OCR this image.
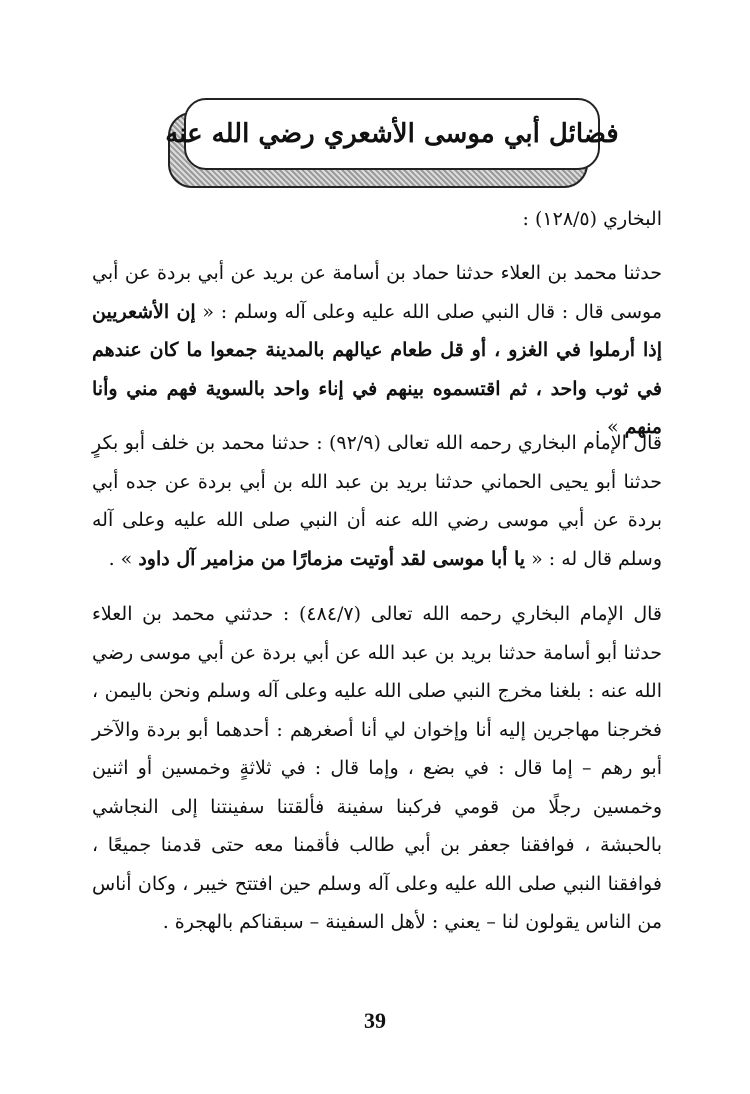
فضائل أبي موسى الأشعري رضي الله عنه
البخاري (١٢٨/٥) :
حدثنا محمد بن العلاء حدثنا حماد بن أسامة عن بريد عن أبي بردة عن أبي موسى قال : قال النبي صلى الله عليه وعلى آله وسلم : « إن الأشعريين إذا أرملوا في الغزو ، أو قل طعام عيالهم بالمدينة جمعوا ما كان عندهم في ثوب واحد ، ثم اقتسموه بينهم في إناء واحد بالسوية فهم مني وأنا منهم » .
قال الإمام البخاري رحمه الله تعالى (٩٢/٩) : حدثنا محمد بن خلف أبو بكرٍ حدثنا أبو يحيى الحماني حدثنا بريد بن عبد الله بن أبي بردة عن جده أبي بردة عن أبي موسى رضي الله عنه أن النبي صلى الله عليه وعلى آله وسلم قال له : « يا أبا موسى لقد أوتيت مزمارًا من مزامير آل داود » .
قال الإمام البخاري رحمه الله تعالى (٤٨٤/٧) : حدثني محمد بن العلاء حدثنا أبو أسامة حدثنا بريد بن عبد الله عن أبي بردة عن أبي موسى رضي الله عنه : بلغنا مخرج النبي صلى الله عليه وعلى آله وسلم ونحن باليمن ، فخرجنا مهاجرين إليه أنا وإخوان لي أنا أصغرهم : أحدهما أبو بردة والآخر أبو رهم – إما قال : في بضع ، وإما قال : في ثلاثةٍ وخمسين أو اثنين وخمسين رجلًا من قومي فركبنا سفينة فألقتنا سفينتنا إلى النجاشي بالحبشة ، فوافقنا جعفر بن أبي طالب فأقمنا معه حتى قدمنا جميعًا ، فوافقنا النبي صلى الله عليه وعلى آله وسلم حين افتتح خيبر ، وكان أناس من الناس يقولون لنا – يعني : لأهل السفينة – سبقناكم بالهجرة .
39
